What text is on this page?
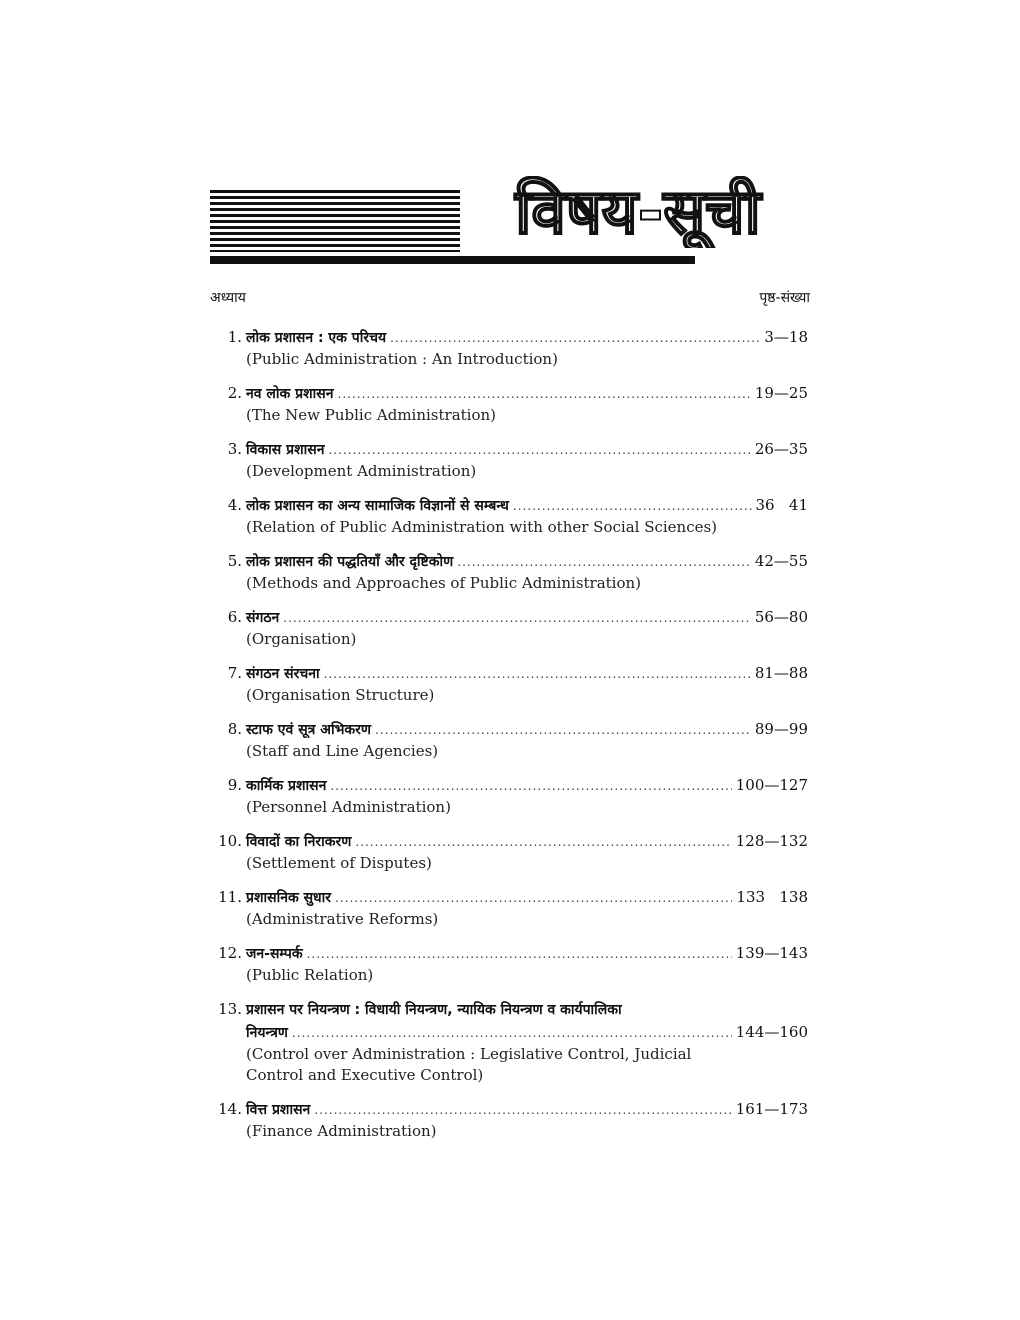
विषय-सूची
अध्याय	पृष्ठ-संख्या
1. लोक प्रशासन : एक परिचय .....	3—18
(Public Administration : An Introduction)
2. नव लोक प्रशासन .....	19—25
(The New Public Administration)
3. विकास प्रशासन .....	26—35
(Development Administration)
4. लोक प्रशासन का अन्य सामाजिक विज्ञानों से सम्बन्ध .....	36   41
(Relation of Public Administration with other Social Sciences)
5. लोक प्रशासन की पद्धतियाँ और दृष्टिकोण .....	42—55
(Methods and Approaches of Public Administration)
6. संगठन .....	56—80
(Organisation)
7. संगठन संरचना .....	81—88
(Organisation Structure)
8. स्टाफ एवं सूत्र अभिकरण .....	89—99
(Staff and Line Agencies)
9. कार्मिक प्रशासन .....	100—127
(Personnel Administration)
10. विवादों का निराकरण .....	128—132
(Settlement of Disputes)
11. प्रशासनिक सुधार .....	133   138
(Administrative Reforms)
12. जन-सम्पर्क .....	139—143
(Public Relation)
13. प्रशासन पर नियन्त्रण : विधायी नियन्त्रण, न्यायिक नियन्त्रण व कार्यपालिका
नियन्त्रण .....	144—160
(Control over Administration : Legislative Control, Judicial
Control and Executive Control)
14. वित्त प्रशासन .....	161—173
(Finance Administration)
